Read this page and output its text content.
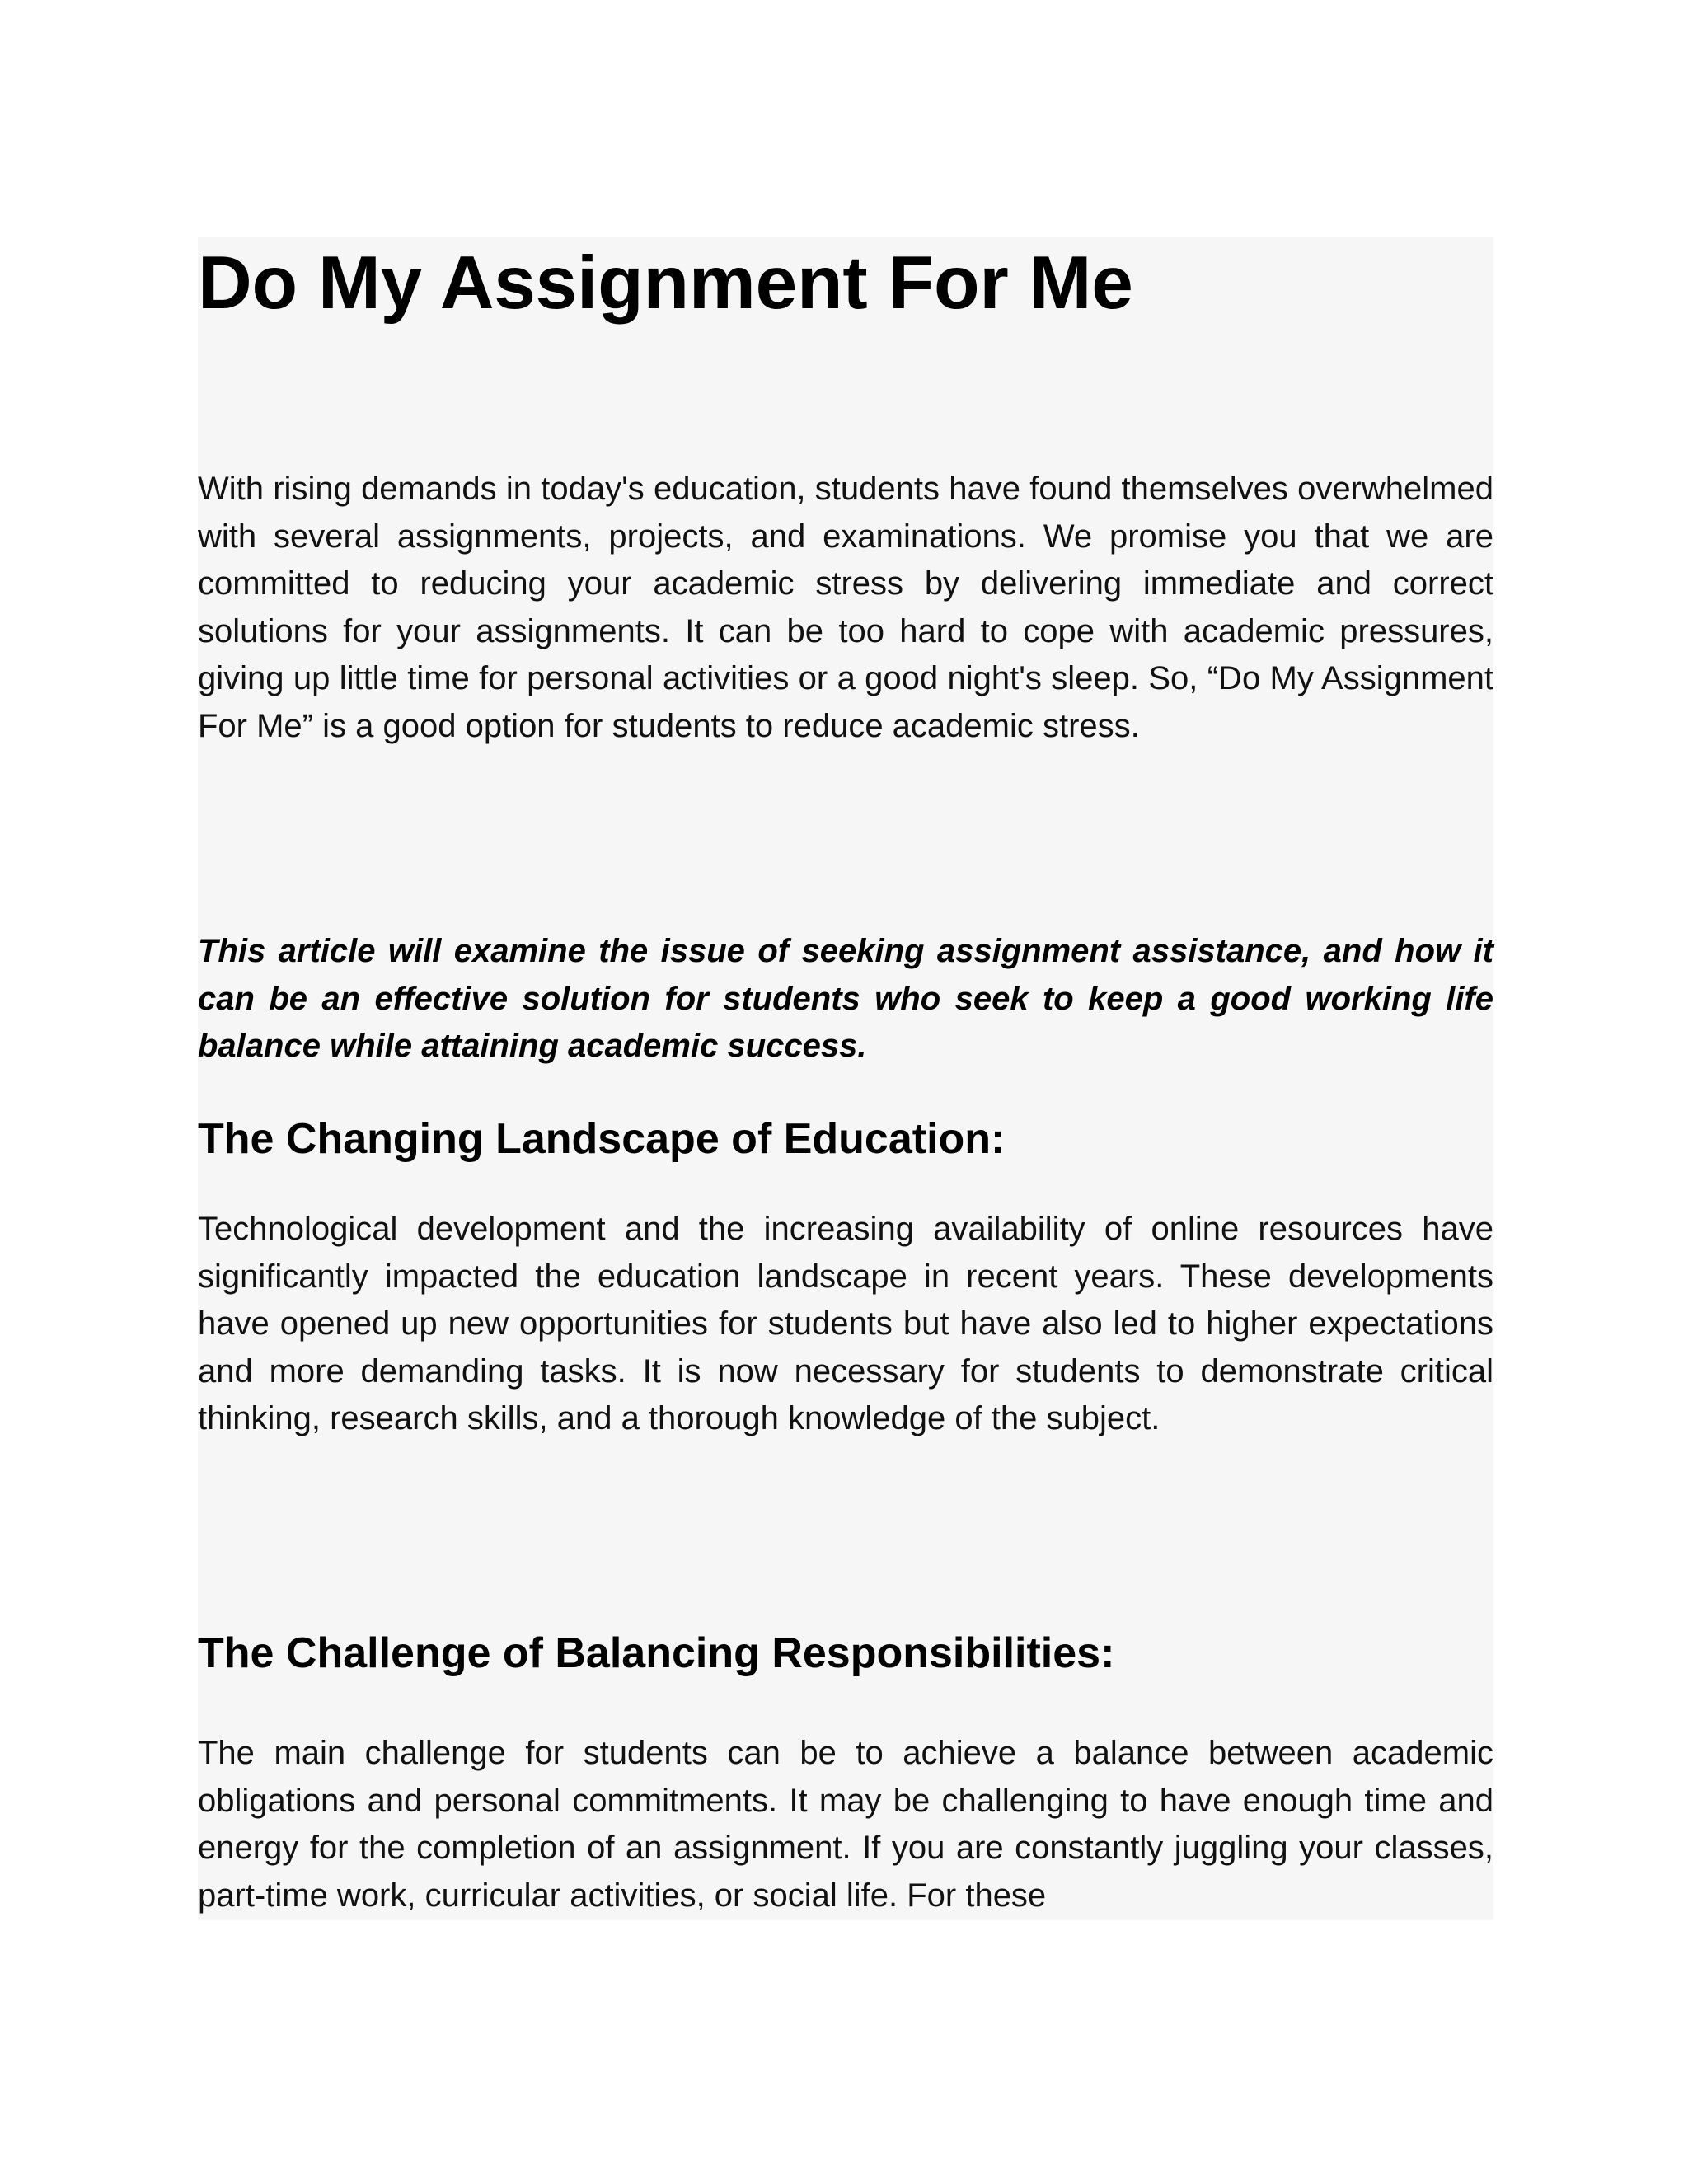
Do My Assignment For Me

With rising demands in today's education, students have found themselves overwhelmed with several assignments, projects, and examinations. We promise you that we are committed to reducing your academic stress by delivering immediate and correct solutions for your assignments. It can be too hard to cope with academic pressures, giving up little time for personal activities or a good night's sleep. So, “Do My Assignment For Me” is a good option for students to reduce academic stress.

This article will examine the issue of seeking assignment assistance, and how it can be an effective solution for students who seek to keep a good working life balance while attaining academic success.

The Changing Landscape of Education:

Technological development and the increasing availability of online resources have significantly impacted the education landscape in recent years. These developments have opened up new opportunities for students but have also led to higher expectations and more demanding tasks. It is now necessary for students to demonstrate critical thinking, research skills, and a thorough knowledge of the subject.

The Challenge of Balancing Responsibilities:

The main challenge for students can be to achieve a balance between academic obligations and personal commitments. It may be challenging to have enough time and energy for the completion of an assignment. If you are constantly juggling your classes, part-time work, curricular activities, or social life. For these
